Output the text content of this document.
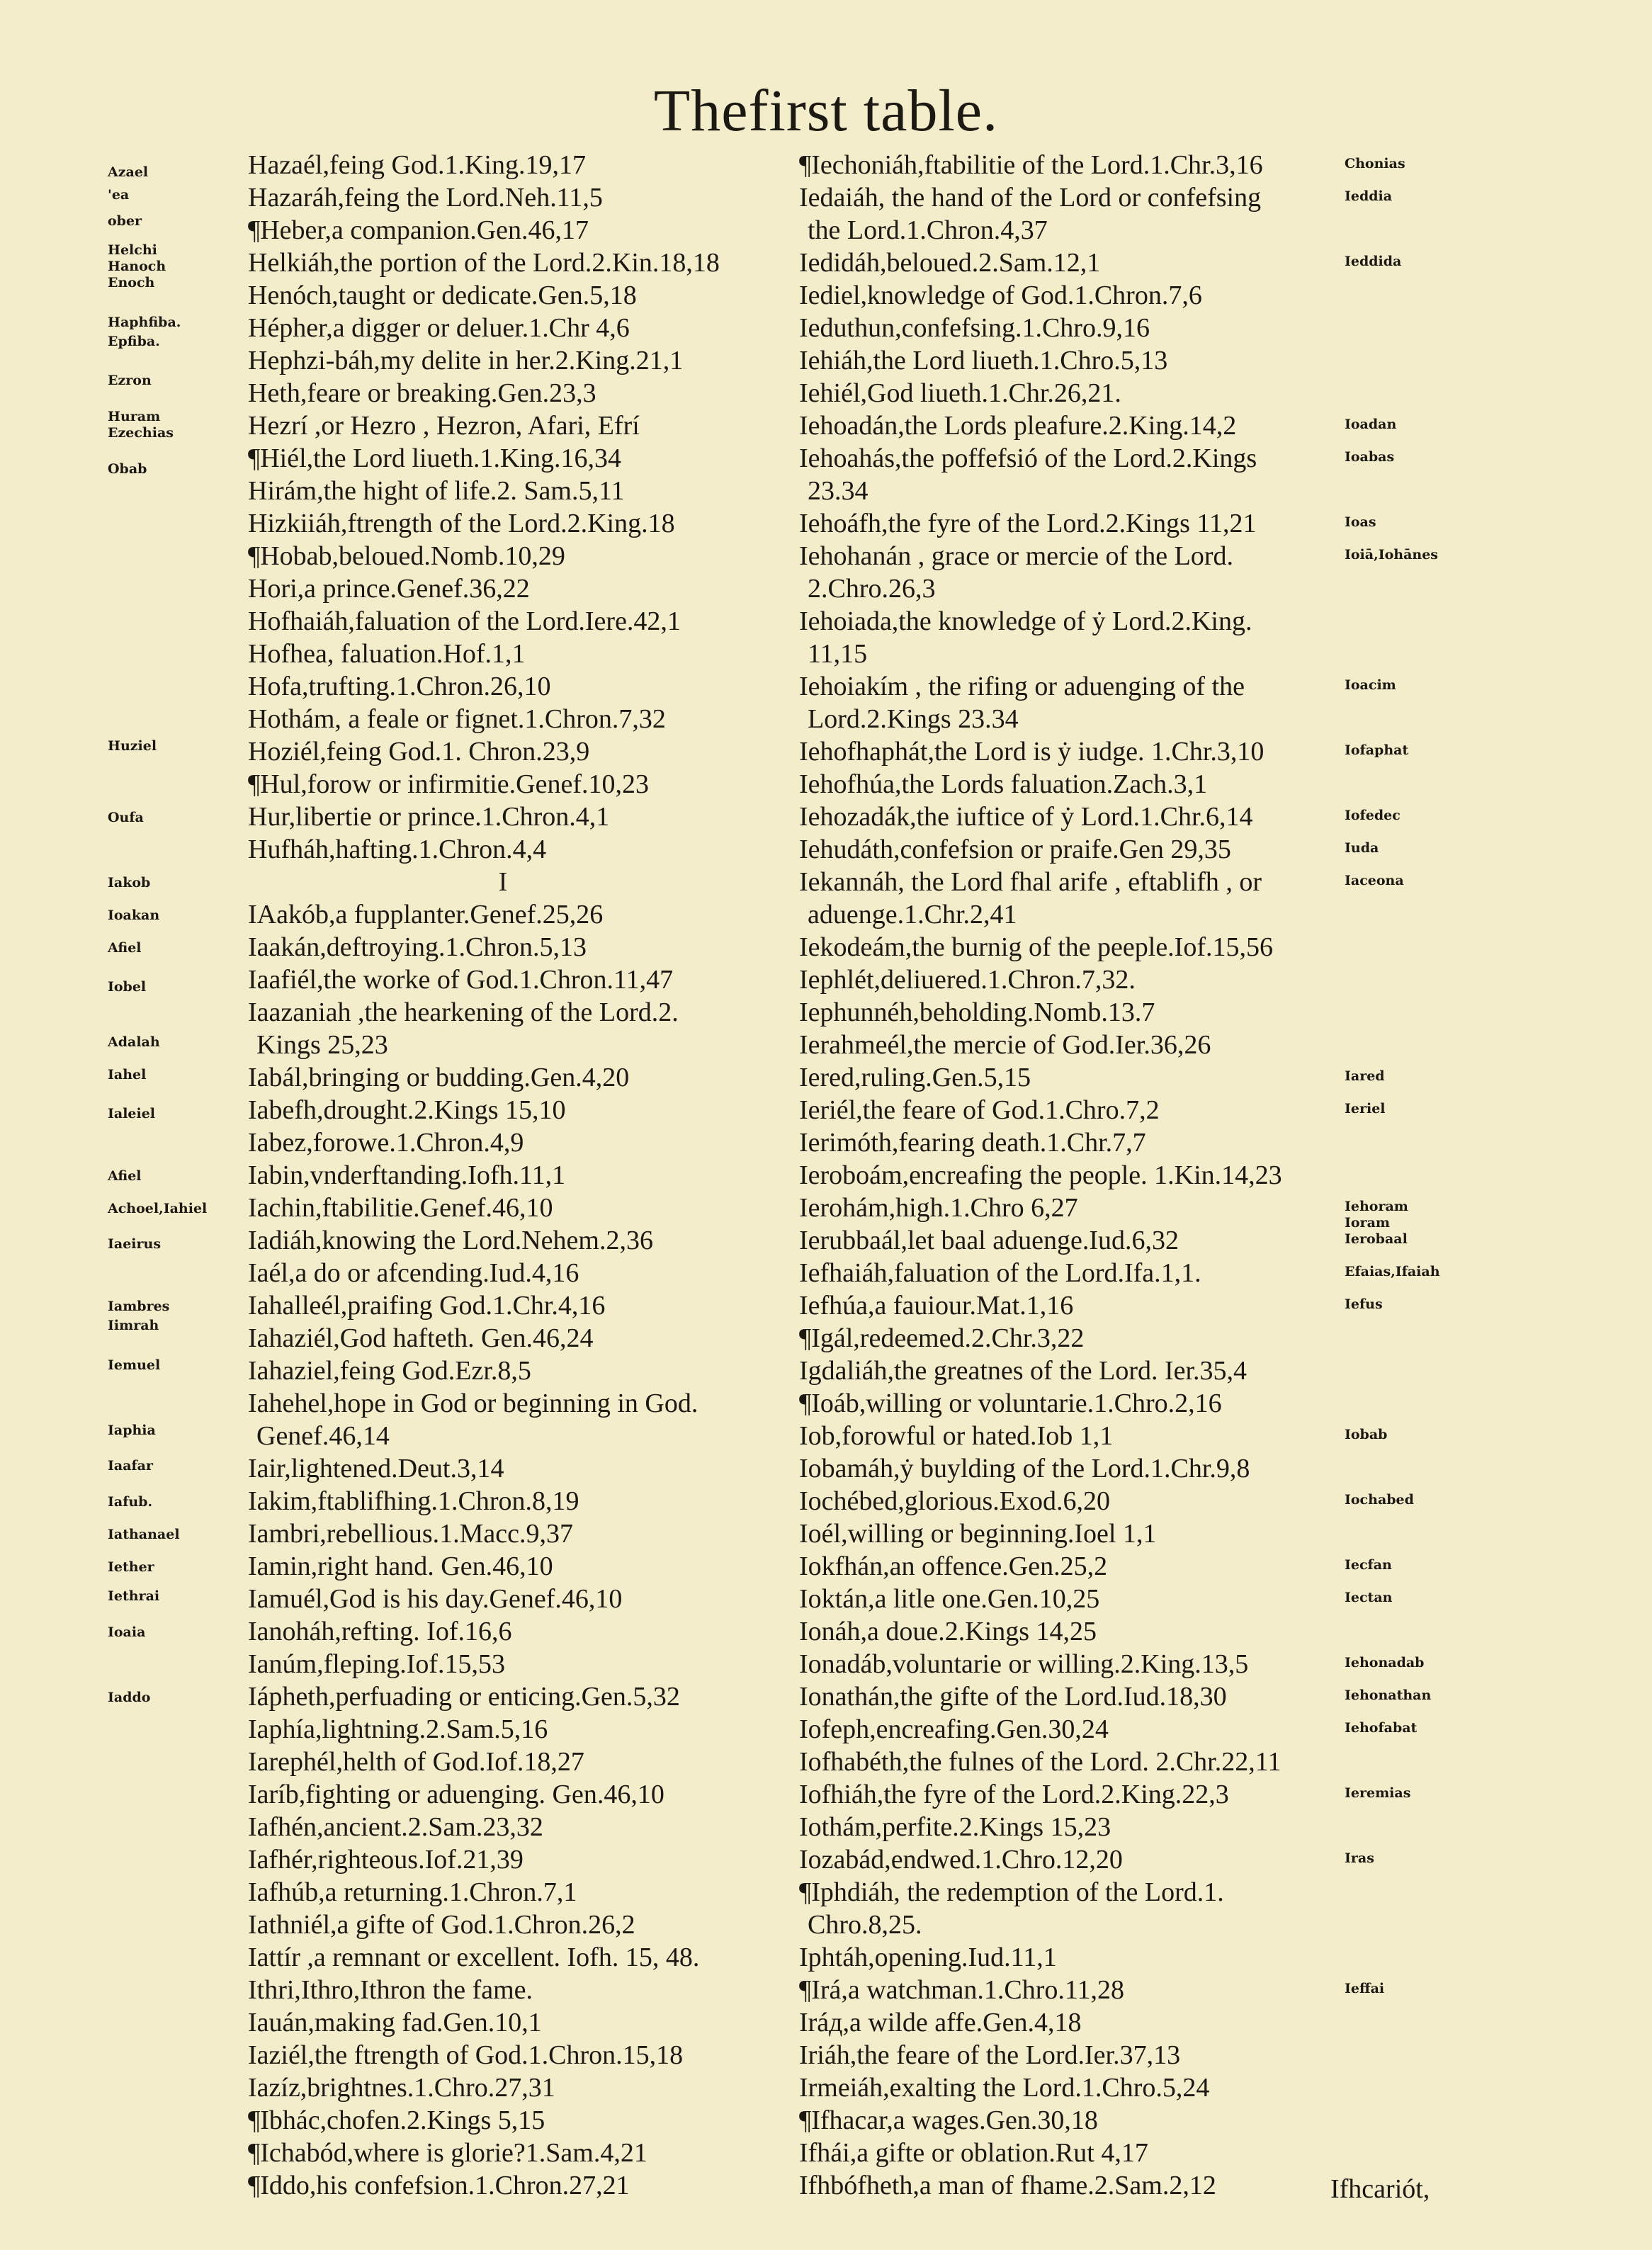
Thefirst table.
Hazaél,feing God.1.King.19,17
Hazaráh,feing the Lord.Neh.11,5
¶Heber,a companion.Gen.46,17
Helkiáh,the portion of the Lord.2.Kin.18,18
Henóch,taught or dedicate.Gen.5,18
Hépher,a digger or deluer.1.Chr 4,6
Hephzi-báh,my delite in her.2.King.21,1
Heth,feare or breaking.Gen.23,3
Hezrí ,or Hezro , Hezron, Afari, Efrí
¶Hiél,the Lord liueth.1.King.16,34
Hirám,the hight of life.2. Sam.5,11
Hizkiiáh,ftrength of the Lord.2.King.18
¶Hobab,beloued.Nomb.10,29
Hori,a prince.Genef.36,22
Hofhaiáh,faluation of the Lord.Iere.42,1
Hofhea, faluation.Hof.1,1
Hofa,trufting.1.Chron.26,10
Hothám, a feale or fignet.1.Chron.7,32
Hoziél,feing God.1. Chron.23,9
¶Hul,forow or infirmitie.Genef.10,23
Hur,libertie or prince.1.Chron.4,1
Hufháh,hafting.1.Chron.4,4
I
IAakób,a fupplanter.Genef.25,26
Iaakán,deftroying.1.Chron.5,13
Iaafiél,the worke of God.1.Chron.11,47
Iaazaniah ,the hearkening of the Lord.2.
Kings 25,23
Iabál,bringing or budding.Gen.4,20
Iabefh,drought.2.Kings 15,10
Iabez,forowe.1.Chron.4,9
Iabin,vnderftanding.Iofh.11,1
Iachin,ftabilitie.Genef.46,10
Iadiáh,knowing the Lord.Nehem.2,36
Iaél,a do or afcending.Iud.4,16
Iahalleél,praifing God.1.Chr.4,16
Iahaziél,God hafteth. Gen.46,24
Iahaziel,feing God.Ezr.8,5
Iahehel,hope in God or beginning in God.
Genef.46,14
Iair,lightened.Deut.3,14
Iakim,ftablifhing.1.Chron.8,19
Iambri,rebellious.1.Macc.9,37
Iamin,right hand. Gen.46,10
Iamuél,God is his day.Genef.46,10
Ianoháh,refting. Iof.16,6
Ianúm,fleping.Iof.15,53
Iápheth,perfuading or enticing.Gen.5,32
Iaphía,lightning.2.Sam.5,16
Iarephél,helth of God.Iof.18,27
Iaríb,fighting or aduenging. Gen.46,10
Iafhén,ancient.2.Sam.23,32
Iafhér,righteous.Iof.21,39
Iafhúb,a returning.1.Chron.7,1
Iathniél,a gifte of God.1.Chron.26,2
Iattír ,a remnant or excellent. Iofh. 15, 48.
Ithri,Ithro,Ithron the fame.
Iauán,making fad.Gen.10,1
Iaziél,the ftrength of God.1.Chron.15,18
Iazíz,brightnes.1.Chro.27,31
¶Ibhác,chofen.2.Kings 5,15
¶Ichabód,where is glorie?1.Sam.4,21
¶Iddo,his confefsion.1.Chron.27,21
¶Iechoniáh,ftabilitie of the Lord.1.Chr.3,16
Iedaiáh, the hand of the Lord or confefsing
the Lord.1.Chron.4,37
Iedidáh,beloued.2.Sam.12,1
Iediel,knowledge of God.1.Chron.7,6
Ieduthun,confefsing.1.Chro.9,16
Iehiáh,the Lord liueth.1.Chro.5,13
Iehiél,God liueth.1.Chr.26,21.
Iehoadán,the Lords pleafure.2.King.14,2
Iehoahás,the poffefsió of the Lord.2.Kings
23.34
Iehoáfh,the fyre of the Lord.2.Kings 11,21
Iehohanán , grace or mercie of the Lord.
2.Chro.26,3
Iehoiada,the knowledge of ẏ Lord.2.King.
11,15
Iehoiakím , the rifing or aduenging of the
Lord.2.Kings 23.34
Iehofhaphát,the Lord is ẏ iudge. 1.Chr.3,10
Iehofhúa,the Lords faluation.Zach.3,1
Iehozadák,the iuftice of ẏ Lord.1.Chr.6,14
Iehudáth,confefsion or praife.Gen 29,35
Iekannáh, the Lord fhal arife , eftablifh , or
aduenge.1.Chr.2,41
Iekodeám,the burnig of the peeple.Iof.15,56
Iephlét,deliuered.1.Chron.7,32.
Iephunnéh,beholding.Nomb.13.7
Ierahmeél,the mercie of God.Ier.36,26
Iered,ruling.Gen.5,15
Ieriél,the feare of God.1.Chro.7,2
Ierimóth,fearing death.1.Chr.7,7
Ieroboám,encreafing the people. 1.Kin.14,23
Ierohám,high.1.Chro 6,27
Ierubbaál,let baal aduenge.Iud.6,32
Iefhaiáh,faluation of the Lord.Ifa.1,1.
Iefhúa,a fauiour.Mat.1,16
¶Igál,redeemed.2.Chr.3,22
Igdaliáh,the greatnes of the Lord. Ier.35,4
¶Ioáb,willing or voluntarie.1.Chro.2,16
Iob,forowful or hated.Iob 1,1
Iobamáh,ẏ buylding of the Lord.1.Chr.9,8
Iochébed,glorious.Exod.6,20
Ioél,willing or beginning.Ioel 1,1
Iokfhán,an offence.Gen.25,2
Ioktán,a litle one.Gen.10,25
Ionáh,a doue.2.Kings 14,25
Ionadáb,voluntarie or willing.2.King.13,5
Ionathán,the gifte of the Lord.Iud.18,30
Iofeph,encreafing.Gen.30,24
Iofhabéth,the fulnes of the Lord. 2.Chr.22,11
Iofhiáh,the fyre of the Lord.2.King.22,3
Iothám,perfite.2.Kings 15,23
Iozabád,endwed.1.Chro.12,20
¶Iphdiáh, the redemption of the Lord.1.
Chro.8,25.
Iphtáh,opening.Iud.11,1
¶Irá,a watchman.1.Chro.11,28
Iráд,a wilde affe.Gen.4,18
Iriáh,the feare of the Lord.Ier.37,13
Irmeiáh,exalting the Lord.1.Chro.5,24
¶Ifhacar,a wages.Gen.30,18
Ifhái,a gifte or oblation.Rut 4,17
Ifhbófheth,a man of fhame.2.Sam.2,12
Azael
'ea
ober
Helchi
Hanoch
Enoch
Haphfiba.
Epfiba.
Ezron
Huram
Ezechias
Obab
Huziel
Oufa
Iakob
Ioakan
Afiel
Iobel
Adalah
Iahel
Ialeiel
Afiel
Achoel,Iahiel
Iaeirus
Iambres
Iimrah
Iemuel
Iaphia
Iaafar
Iafub.
Iathanael
Iether
Iethrai
Ioaia
Iaddo
Chonias
Ieddia
Ieddida
Ioadan
Ioabas
Ioas
Ioiā,Iohānes
Ioacim
Iofaphat
Iofedec
Iuda
Iaceona
Iared
Ieriel
Iehoram
Ioram
Ierobaal
Efaias,Ifaiah
Iefus
Iobab
Iochabed
Iecfan
Iectan
Iehonadab
Iehonathan
Iehofabat
Ieremias
Iras
Ieffai
Ifhcariót,
